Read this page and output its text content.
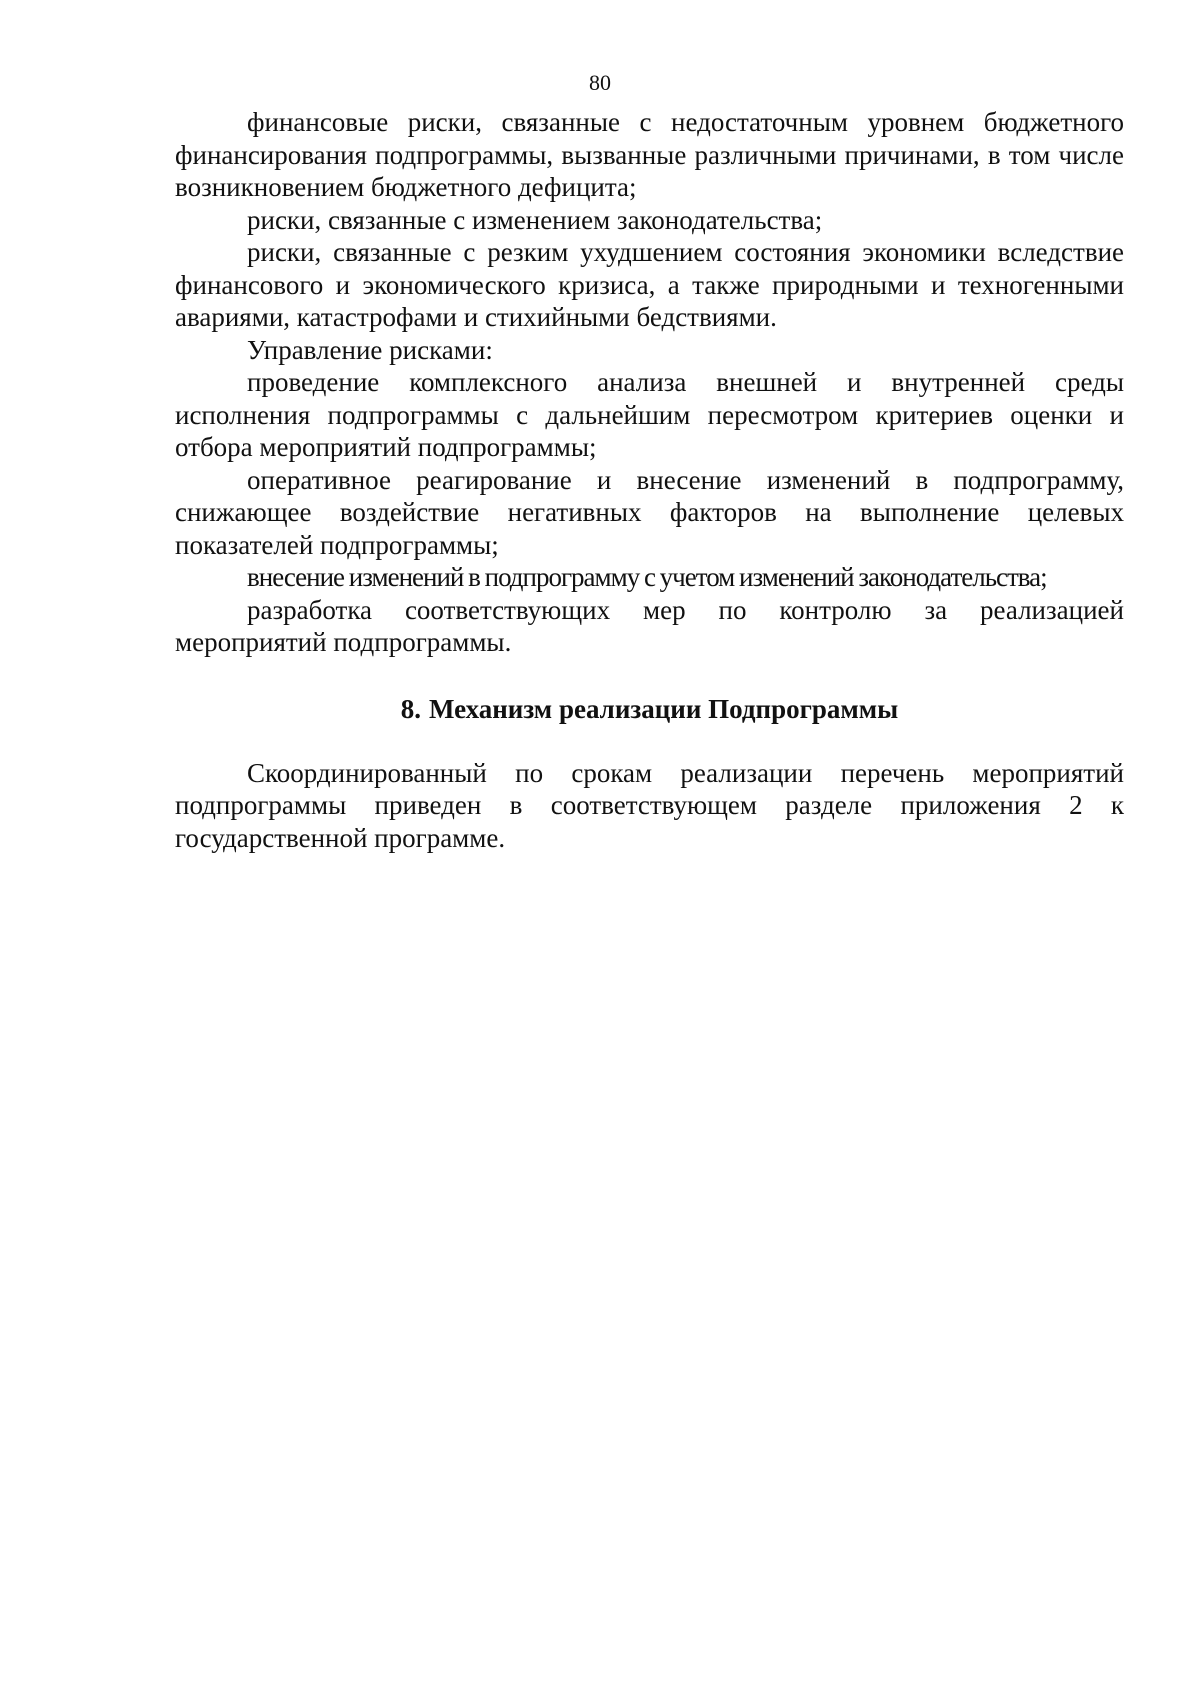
80

финансовые риски, связанные с недостаточным уровнем бюджетного финансирования подпрограммы, вызванные различными причинами, в том числе возникновением бюджетного дефицита;

риски, связанные с изменением законодательства;

риски, связанные с резким ухудшением состояния экономики вследствие финансового и экономического кризиса, а также природными и техногенными авариями, катастрофами и стихийными бедствиями.

Управление рисками:

проведение комплексного анализа внешней и внутренней среды исполнения подпрограммы с дальнейшим пересмотром критериев оценки и отбора мероприятий подпрограммы;

оперативное реагирование и внесение изменений в подпрограмму, снижающее воздействие негативных факторов на выполнение целевых показателей подпрограммы;

внесение изменений в подпрограмму с учетом изменений законодательства;

разработка соответствующих мер по контролю за реализацией мероприятий подпрограммы.

8. Механизм реализации Подпрограммы

Скоординированный по срокам реализации перечень мероприятий подпрограммы приведен в соответствующем разделе приложения 2 к государственной программе.
